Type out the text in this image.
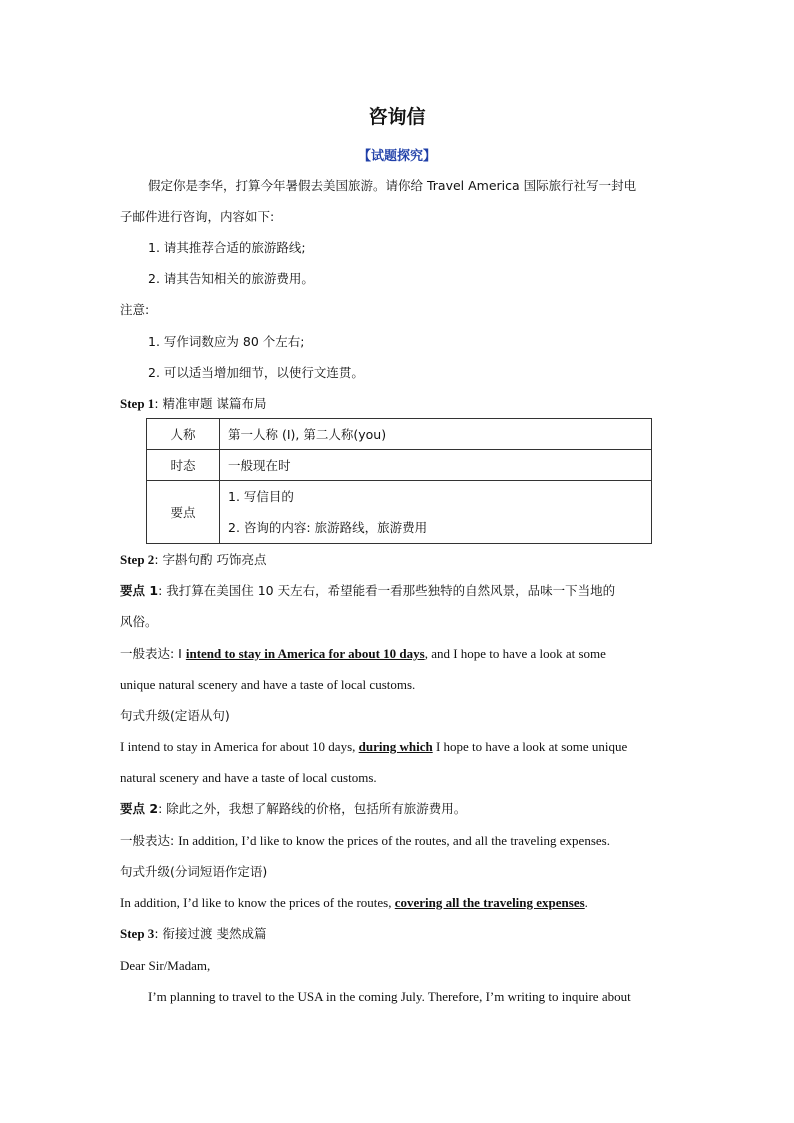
咨询信
【试题探究】
假定你是李华，打算今年暑假去美国旅游。请你给 Travel America 国际旅行社写一封电
子邮件进行咨询，内容如下:
1. 请其推荐合适的旅游路线;
2. 请其告知相关的旅游费用。
注意:
1. 写作词数应为 80 个左右;
2. 可以适当增加细节，以使行文连贯。
Step 1: 精准审题 谋篇布局
人称	第一人称 (I), 第二人称(you)
时态	一般现在时
要点	1. 写信目的
2. 咨询的内容: 旅游路线，旅游费用
Step 2: 字斟句酌 巧饰亮点
要点 1: 我打算在美国住 10 天左右，希望能看一看那些独特的自然风景，品味一下当地的
风俗。
一般表达: I intend to stay in America for about 10 days, and I hope to have a look at some
unique natural scenery and have a taste of local customs.
句式升级(定语从句)
I intend to stay in America for about 10 days, during which I hope to have a look at some unique
natural scenery and have a taste of local customs.
要点 2: 除此之外，我想了解路线的价格，包括所有旅游费用。
一般表达: In addition, I’d like to know the prices of the routes, and all the traveling expenses.
句式升级(分词短语作定语)
In addition, I’d like to know the prices of the routes, covering all the traveling expenses.
Step 3: 衔接过渡 斐然成篇
Dear Sir/Madam,
I’m planning to travel to the USA in the coming July. Therefore, I’m writing to inquire about
